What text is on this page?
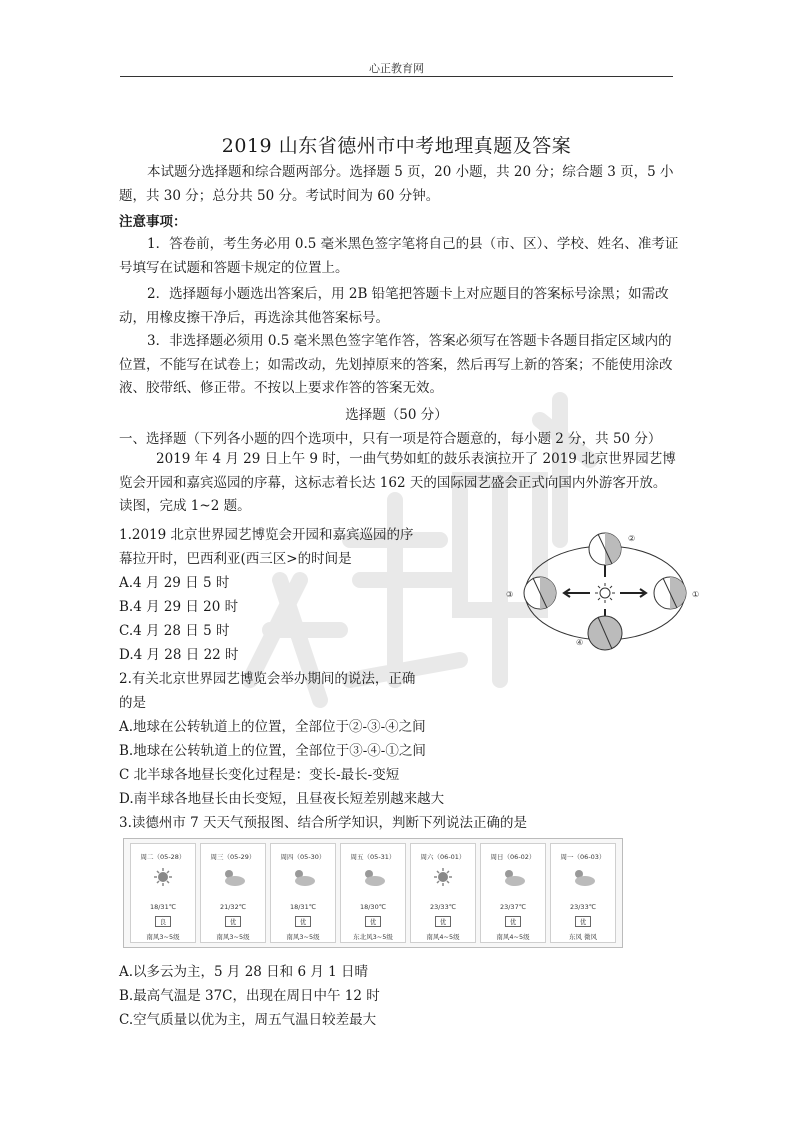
心正教育网
2019 山东省德州市中考地理真题及答案
本试题分选择题和综合题两部分。选择题 5 页，20 小题，共 20 分；综合题 3 页，5 小题，共 30 分；总分共 50 分。考试时间为 60 分钟。
注意事项：
1．答卷前，考生务必用 0.5 毫米黑色签字笔将自己的县（市、区）、学校、姓名、准考证号填写在试题和答题卡规定的位置上。
2．选择题每小题选出答案后，用 2B 铅笔把答题卡上对应题目的答案标号涂黑；如需改动，用橡皮擦干净后，再选涂其他答案标号。
3．非选择题必须用 0.5 毫米黑色签字笔作答，答案必须写在答题卡各题目指定区域内的位置，不能写在试卷上；如需改动，先划掉原来的答案，然后再写上新的答案；不能使用涂改液、胶带纸、修正带。不按以上要求作答的答案无效。
选择题（50 分）
一、选择题（下列各小题的四个选项中，只有一项是符合题意的，每小题 2 分，共 50 分）
2019 年 4 月 29 日上午 9 时，一曲气势如虹的鼓乐表演拉开了 2019 北京世界园艺博览会开园和嘉宾巡园的序幕，这标志着长达 162 天的国际园艺盛会正式向国内外游客开放。读图，完成 1~2 题。
1.2019 北京世界园艺博览会开园和嘉宾巡园的序
幕拉开时，巴西利亚(西三区>的时间是
A.4 月 29 日 5 时
B.4 月 29 日 20 时
C.4 月 28 日 5 时
D.4 月 28 日 22 时
②
①
③
④
2.有关北京世界园艺博览会举办期间的说法，正确
的是
A.地球在公转轨道上的位置，全部位于②-③-④之间
B.地球在公转轨道上的位置，全部位于③-④-①之间
C 北半球各地昼长变化过程是：变长-最长-变短
D.南半球各地昼长由长变短，且昼夜长短差别越来越大
3.读德州市 7 天天气预报图、结合所学知识，判断下列说法正确的是
周二（05-28）
18/31℃
良
南风3~5级
周三（05-29）
21/32℃
优
南风3~5级
周四（05-30）
18/31℃
优
南风3~5级
周五（05-31）
18/30℃
优
东北风3~5级
周六（06-01）
23/33℃
优
南风4~5级
周日（06-02）
23/37℃
优
南风4~5级
周一（06-03）
23/33℃
优
东风 微风
A.以多云为主，5 月 28 日和 6 月 1 日晴
B.最高气温是 37C，出现在周日中午 12 时
C.空气质量以优为主，周五气温日较差最大
